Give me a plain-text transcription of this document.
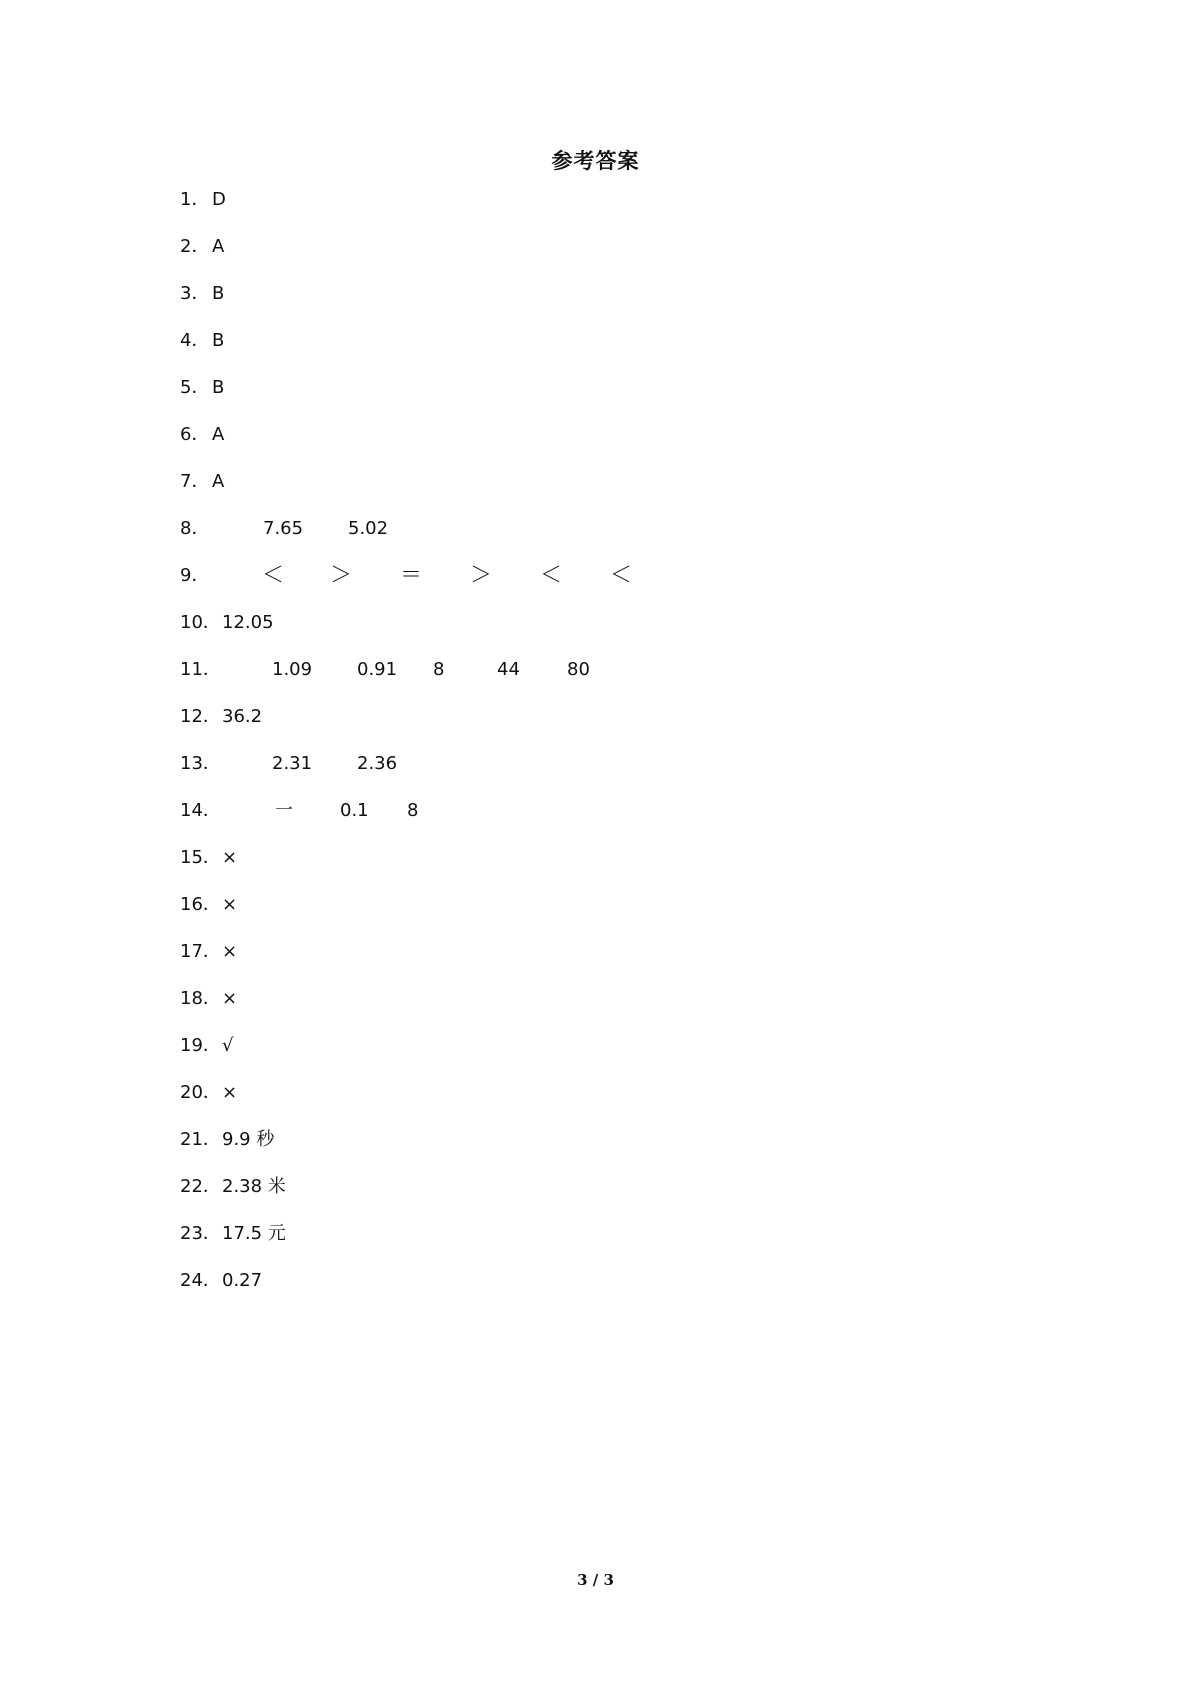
参考答案
1． D
2． A
3． B
4． B
5． B
6． A
7． A
8．	7.65 5.02
9． ＜ ＞ ＝ ＞ ＜ ＜
10． 12.05
11．	1.09 0.91 8	44	80
12． 36.2
13．	2.31 2.36
14．	一	0.1 8
15． ×
16． ×
17． ×
18． ×
19． √
20． ×
21． 9.9 秒
22． 2.38 米
23． 17.5 元
24． 0.27
3 / 3
